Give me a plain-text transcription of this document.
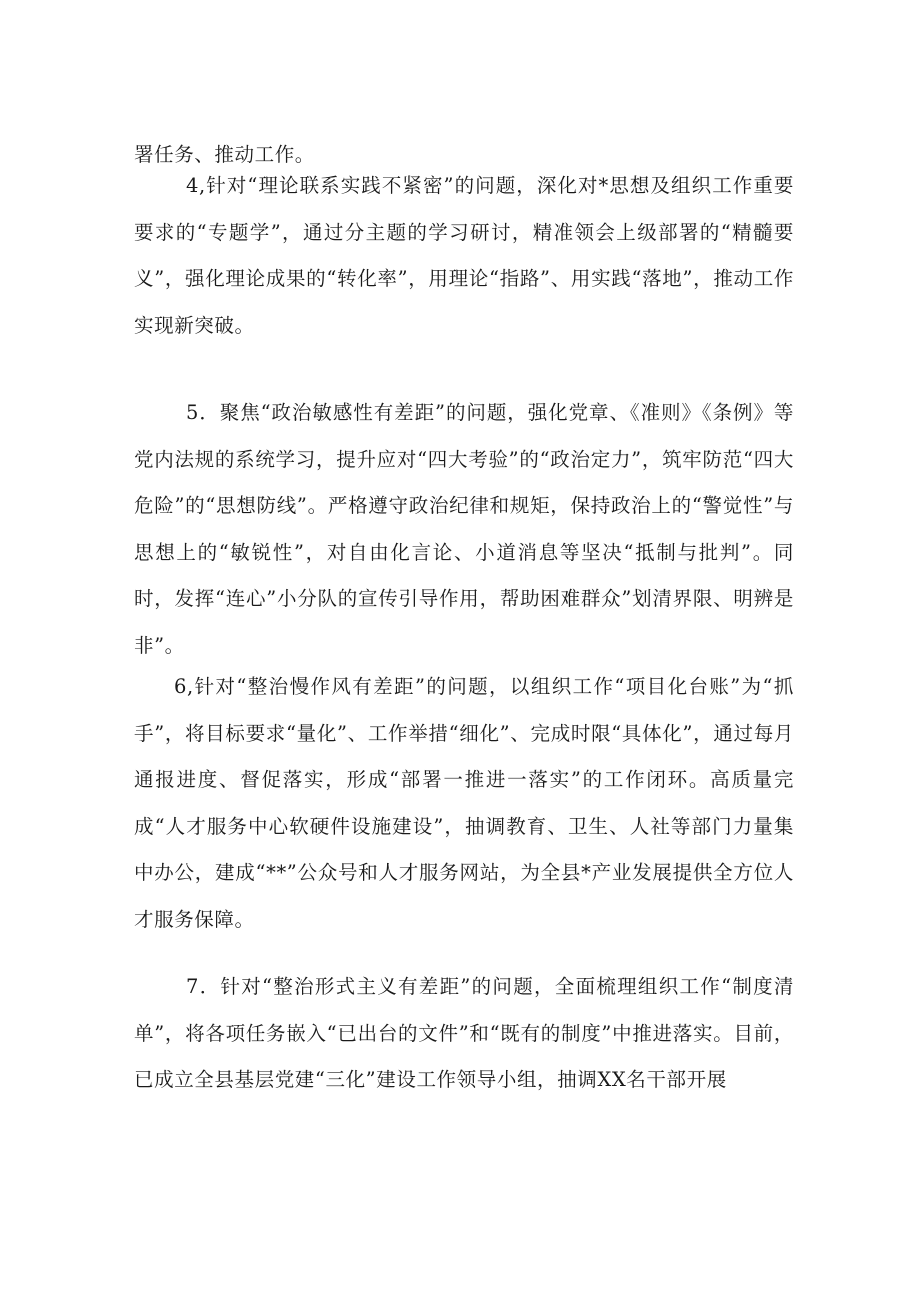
署任务、推动工作。

4,针对“理论联系实践不紧密”的问题，深化对*思想及组织工作重要要求的“专题学”，通过分主题的学习研讨，精准领会上级部署的“精髓要义”，强化理论成果的“转化率”，用理论“指路”、用实践“落地”，推动工作实现新突破。

5．聚焦“政治敏感性有差距”的问题，强化党章、《准则》《条例》等党内法规的系统学习，提升应对“四大考验”的“政治定力”，筑牢防范“四大危险”的“思想防线”。严格遵守政治纪律和规矩，保持政治上的“警觉性”与思想上的“敏锐性”，对自由化言论、小道消息等坚决“抵制与批判”。同时，发挥“连心”小分队的宣传引导作用，帮助困难群众”划清界限、明辨是非”。

6,针对“整治慢作风有差距”的问题，以组织工作“项目化台账”为“抓手”，将目标要求“量化”、工作举措“细化”、完成时限“具体化”，通过每月通报进度、督促落实，形成“部署一推进一落实”的工作闭环。高质量完成“人才服务中心软硬件设施建设”，抽调教育、卫生、人社等部门力量集中办公，建成“**”公众号和人才服务网站，为全县*产业发展提供全方位人才服务保障。

7．针对“整治形式主义有差距”的问题，全面梳理组织工作“制度清单”，将各项任务嵌入“已出台的文件”和“既有的制度”中推进落实。目前，已成立全县基层党建“三化”建设工作领导小组，抽调XX名干部开展
